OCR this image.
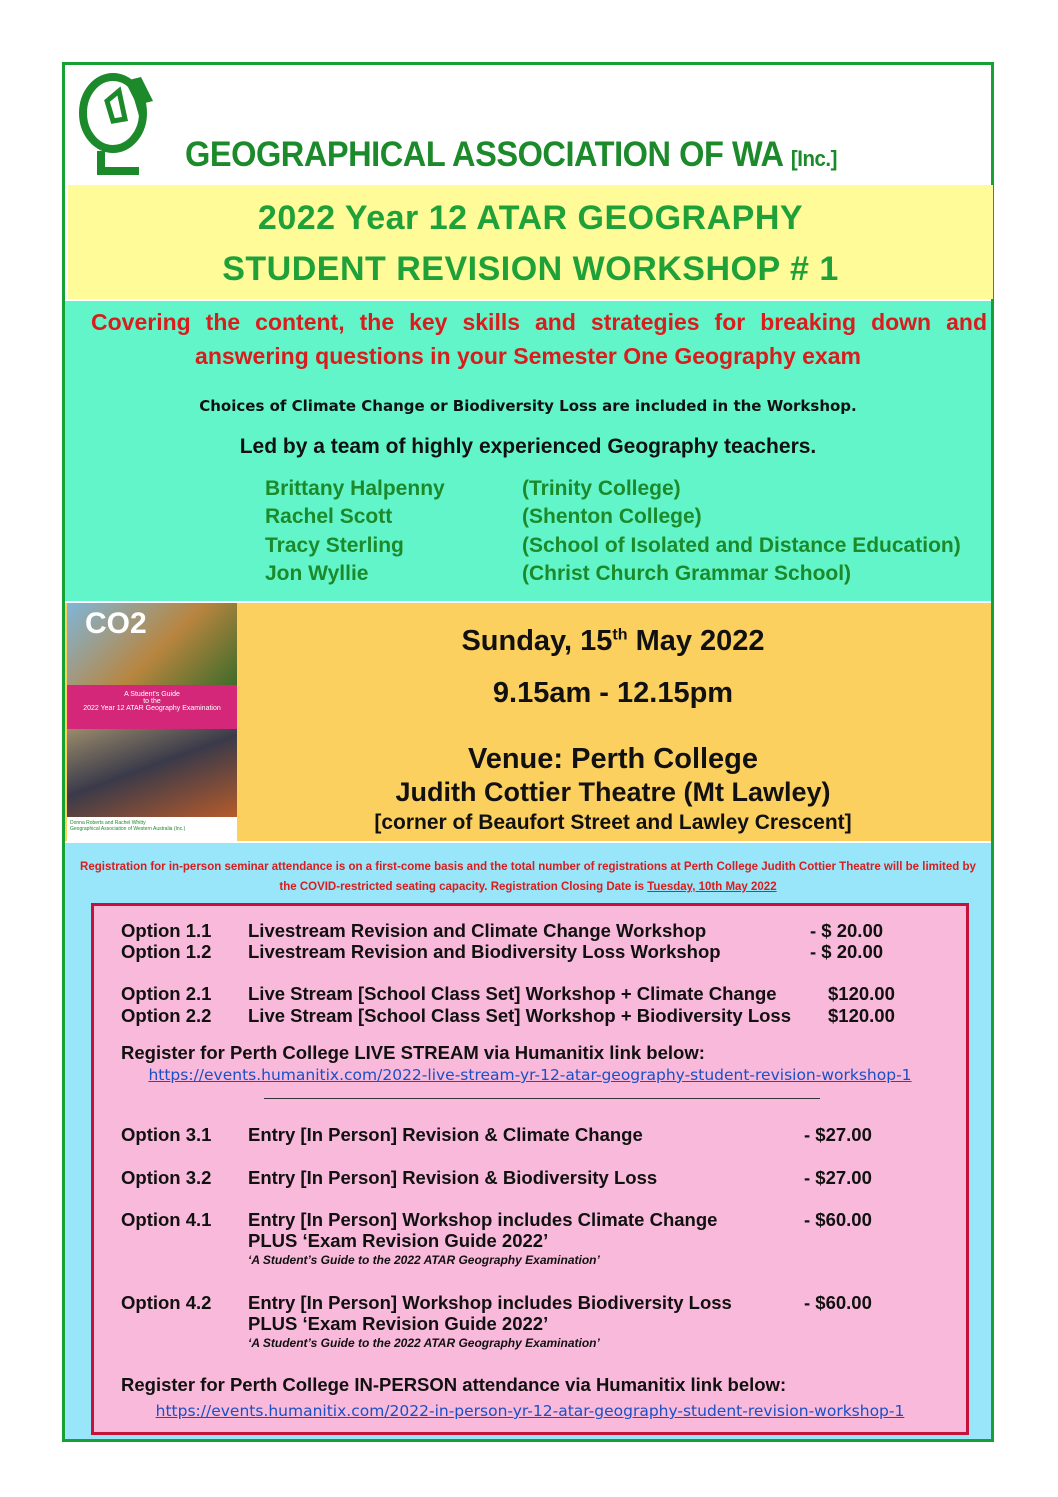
GEOGRAPHICAL ASSOCIATION OF WA [Inc.]
2022 Year 12 ATAR GEOGRAPHY
STUDENT REVISION WORKSHOP # 1
Covering the content, the key skills and strategies for breaking down and
answering questions in your Semester One Geography exam
Choices of Climate Change or Biodiversity Loss are included in the Workshop.
Led by a team of highly experienced Geography teachers.
Brittany Halpenny	(Trinity College)
Rachel Scott	(Shenton College)
Tracy Sterling	(School of Isolated and Distance Education)
Jon Wyllie	(Christ Church Grammar School)
CO2
A Student's Guide
to the
2022 Year 12 ATAR Geography Examination
Donna Roberts and Rachel Whitty
Geographical Association of Western Australia (Inc.)
Sunday, 15th May 2022
9.15am - 12.15pm
Venue: Perth College
Judith Cottier Theatre (Mt Lawley)
[corner of Beaufort Street and Lawley Crescent]
Registration for in-person seminar attendance is on a first-come basis and the total number of registrations at Perth College Judith Cottier Theatre will be limited by
the COVID-restricted seating capacity. Registration Closing Date is Tuesday, 10th May 2022
Option 1.1 Livestream Revision and Climate Change Workshop	- $ 20.00
Option 1.2 Livestream Revision and Biodiversity Loss Workshop	- $ 20.00
Option 2.1 Live Stream [School Class Set] Workshop + Climate Change	$120.00
Option 2.2 Live Stream [School Class Set] Workshop + Biodiversity Loss $120.00
Register for Perth College LIVE STREAM via Humanitix link below:
https://events.humanitix.com/2022-live-stream-yr-12-atar-geography-student-revision-workshop-1
Option 3.1 Entry [In Person] Revision & Climate Change	- $27.00
Option 3.2 Entry [In Person] Revision & Biodiversity Loss	- $27.00
Option 4.1 Entry [In Person] Workshop includes Climate Change
PLUS ‘Exam Revision Guide 2022’
‘A Student’s Guide to the 2022 ATAR Geography Examination’
- $60.00
Option 4.2 Entry [In Person] Workshop includes Biodiversity Loss
PLUS ‘Exam Revision Guide 2022’
‘A Student’s Guide to the 2022 ATAR Geography Examination’
- $60.00
Register for Perth College IN-PERSON attendance via Humanitix link below:
https://events.humanitix.com/2022-in-person-yr-12-atar-geography-student-revision-workshop-1
